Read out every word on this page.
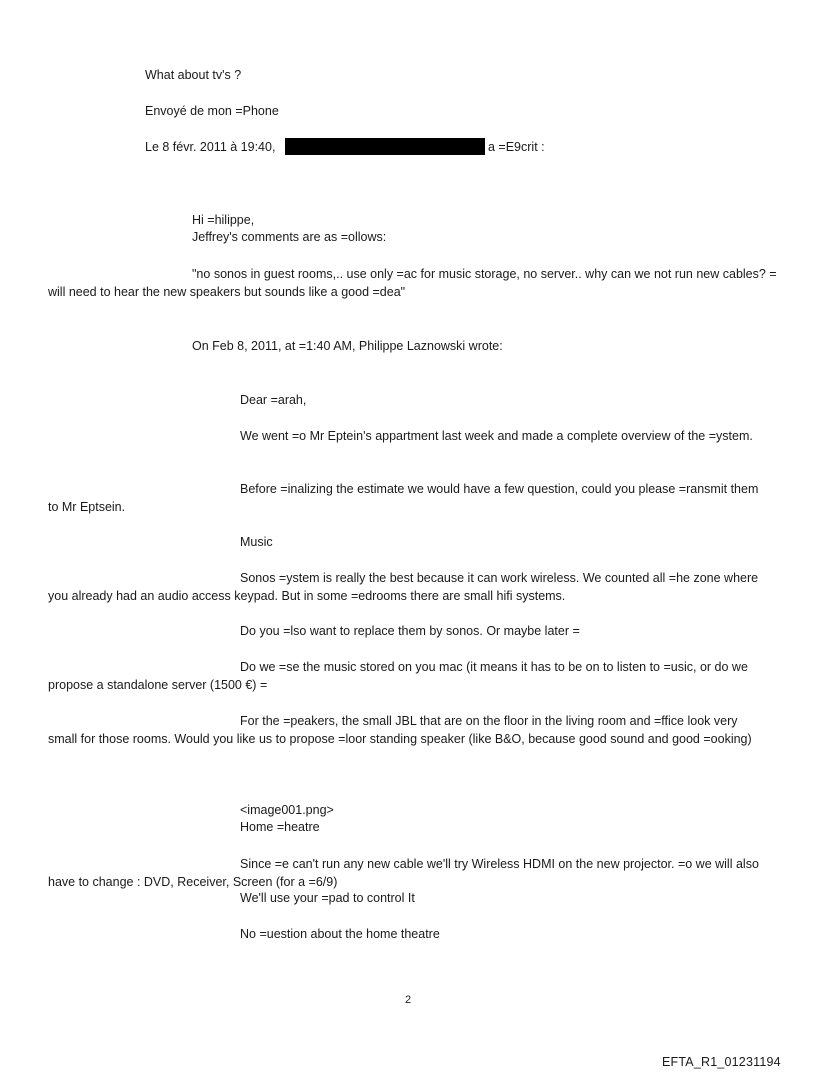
What about tv's ?
Envoyé de mon =Phone
Le 8 févr. 2011 à 19:40,	a =E9crit :
Hi =hilippe,
Jeffrey's comments are as =ollows:
"no sonos in guest rooms,.. use only =ac for music storage, no server.. why can we not run new cables? = will need to hear the new speakers but sounds like a good =dea"
On Feb 8, 2011, at =1:40 AM, Philippe Laznowski wrote:
Dear =arah,
We went =o Mr Eptein's appartment last week and made a complete overview of the =ystem.
Before =inalizing the estimate we would have a few question, could you please =ransmit them to Mr Eptsein.
Music
Sonos =ystem is really the best because it can work wireless. We counted all =he zone where you already had an audio access keypad. But in some =edrooms there are small hifi systems.
Do you =lso want to replace them by sonos. Or maybe later =
Do we =se the music stored on you mac (it means it has to be on to listen to =usic, or do we propose a standalone server (1500 €) =
For the =peakers, the small JBL that are on the floor in the living room and =ffice look very small for those rooms. Would you like us to propose =loor standing speaker (like B&O, because good sound and good =ooking)
<image001.png>
Home =heatre
Since =e can't run any new cable we'll try Wireless HDMI on the new projector. =o we will also have to change : DVD, Receiver, Screen (for a =6/9)
We'll use your =pad to control It
No =uestion about the home theatre
2
EFTA_R1_01231194
